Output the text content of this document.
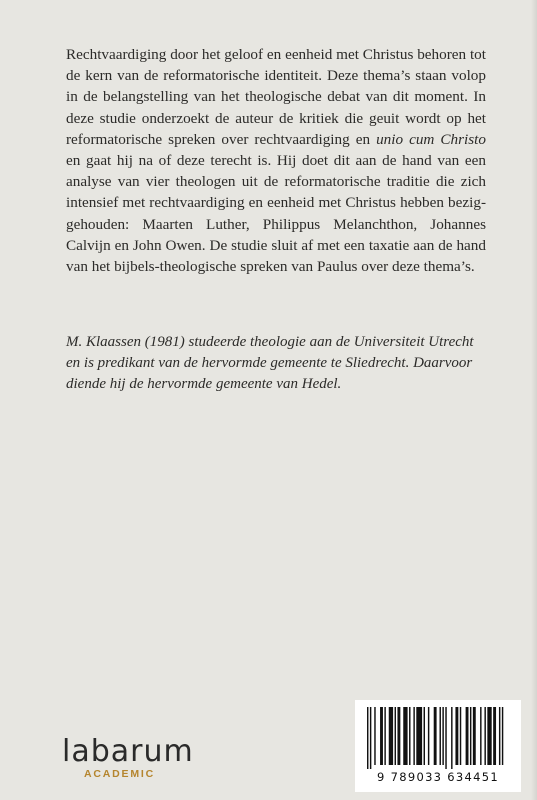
Rechtvaardiging door het geloof en eenheid met Christus behoren tot de kern van de reformatorische identiteit. Deze thema’s staan volop in de belangstelling van het theologische debat van dit moment. In deze studie onderzoekt de auteur de kritiek die geuit wordt op het reformatorische spreken over rechtvaardiging en unio cum Christo en gaat hij na of deze terecht is. Hij doet dit aan de hand van een analyse van vier theologen uit de reformatorische traditie die zich intensief met rechtvaardiging en eenheid met Christus hebben beziggehouden: Maarten Luther, Philippus Melanchthon, Johannes Calvijn en John Owen. De studie sluit af met een taxatie aan de hand van het bijbels-theologische spreken van Paulus over deze thema’s.

M. Klaassen (1981) studeerde theologie aan de Universiteit Utrecht en is predikant van de hervormde gemeente te Sliedrecht. Daarvoor diende hij de hervormde gemeente van Hedel.

labarum
ACADEMIC	9 789033 634451
